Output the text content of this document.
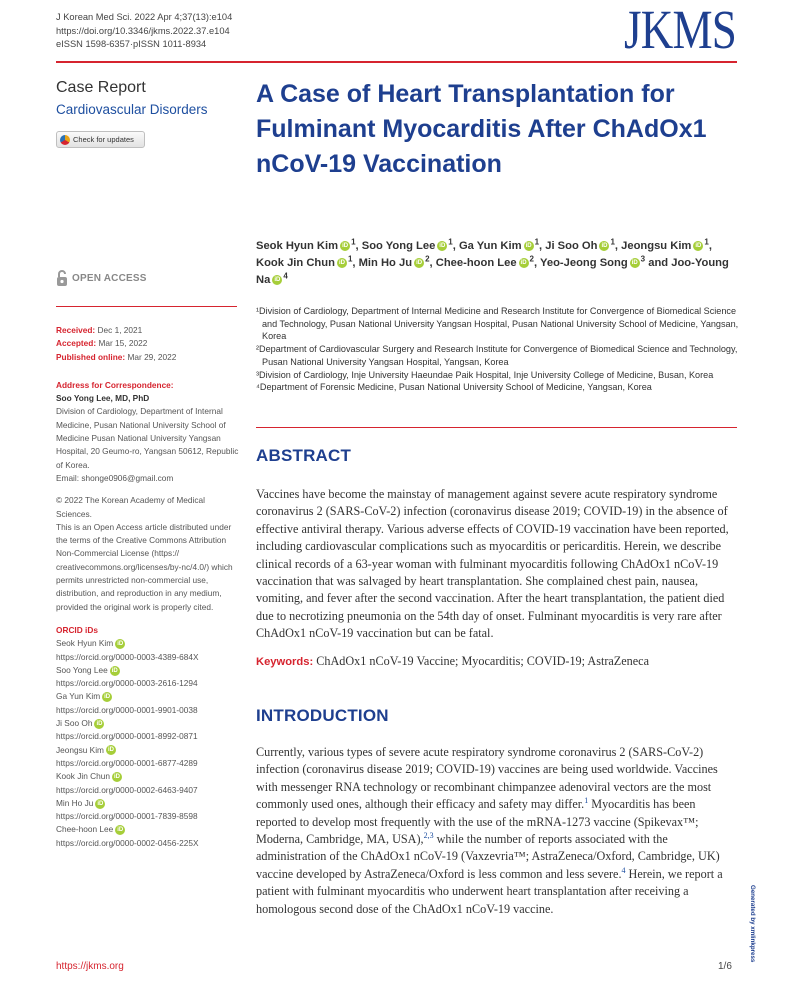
J Korean Med Sci. 2022 Apr 4;37(13):e104
https://doi.org/10.3346/jkms.2022.37.e104
eISSN 1598-6357·pISSN 1011-8934	JKMS
Case Report
Cardiovascular Disorders
Check for updates
A Case of Heart Transplantation for Fulminant Myocarditis After ChAdOx1 nCoV-19 Vaccination
Seok Hyun Kim iD $^1$, Soo Yong Lee iD $^1$, Ga Yun Kim iD $^1$, Ji Soo Oh iD $^1$, Jeongsu Kim iD $^1$, Kook Jin Chun iD $^1$, Min Ho Ju iD $^2$, Chee-hoon Lee iD $^2$, Yeo-Jeong Song iD $^3$ and Joo-Young Na iD $^4$
OPEN ACCESS

¹Division of Cardiology, Department of Internal Medicine and Research Institute for Convergence of Biomedical Science and Technology, Pusan National University Yangsan Hospital, Pusan National University School of Medicine, Yangsan, Korea

²Department of Cardiovascular Surgery and Research Institute for Convergence of Biomedical Science and Technology, Pusan National University Yangsan Hospital, Yangsan, Korea

³Division of Cardiology, Inje University Haeundae Paik Hospital, Inje University College of Medicine, Busan, Korea

⁴Department of Forensic Medicine, Pusan National University School of Medicine, Yangsan, Korea

Received: Dec 1, 2021

Accepted: Mar 15, 2022

Published online: Mar 29, 2022

Address for Correspondence:

Soo Yong Lee, MD, PhD

Division of Cardiology, Department of Internal Medicine, Pusan National University School of Medicine Pusan National University Yangsan Hospital, 20 Geumo-ro, Yangsan 50612, Republic of Korea.

Email: shonge0906@gmail.com

© 2022 The Korean Academy of Medical Sciences.

This is an Open Access article distributed under the terms of the Creative Commons Attribution Non-Commercial License (https:// creativecommons.org/licenses/by-nc/4.0/) which permits unrestricted non-commercial use, distribution, and reproduction in any medium, provided the original work is properly cited.

ORCID iDs

Seok Hyun Kim iD

https://orcid.org/0000-0003-4389-684X

Soo Yong Lee iD

https://orcid.org/0000-0003-2616-1294

Ga Yun Kim iD

https://orcid.org/0000-0001-9901-0038

Ji Soo Oh iD

https://orcid.org/0000-0001-8992-0871

Jeongsu Kim iD

https://orcid.org/0000-0001-6877-4289

Kook Jin Chun iD

https://orcid.org/0000-0002-6463-9407

Min Ho Ju iD

https://orcid.org/0000-0001-7839-8598

Chee-hoon Lee iD

https://orcid.org/0000-0002-0456-225X

ABSTRACT
Vaccines have become the mainstay of management against severe acute respiratory syndrome coronavirus 2 (SARS-CoV-2) infection (coronavirus disease 2019; COVID-19) in the absence of effective antiviral therapy. Various adverse effects of COVID-19 vaccination have been reported, including cardiovascular complications such as myocarditis or pericarditis. Herein, we describe clinical records of a 63-year woman with fulminant myocarditis following ChAdOx1 nCoV-19 vaccination that was salvaged by heart transplantation. She complained chest pain, nausea, vomiting, and fever after the second vaccination. After the heart transplantation, the patient died due to necrotizing pneumonia on the 54th day of onset. Fulminant myocarditis is very rare after ChAdOx1 nCoV-19 vaccination but can be fatal.
Keywords: ChAdOx1 nCoV-19 Vaccine; Myocarditis; COVID-19; AstraZeneca
INTRODUCTION
Currently, various types of severe acute respiratory syndrome coronavirus 2 (SARS-CoV-2) infection (coronavirus disease 2019; COVID-19) vaccines are being used worldwide. Vaccines with messenger RNA technology or recombinant chimpanzee adenoviral vectors are the most commonly used ones, although their efficacy and safety may differ.$^1$ Myocarditis has been reported to develop most frequently with the use of the mRNA-1273 vaccine (Spikevax™; Moderna, Cambridge, MA, USA),$^{2,3}$ while the number of reports associated with the administration of the ChAdOx1 nCoV-19 (Vaxzevria™; AstraZeneca/Oxford, Cambridge, UK) vaccine developed by AstraZeneca/Oxford is less common and less severe.$^4$ Herein, we report a patient with fulminant myocarditis who underwent heart transplantation after receiving a homologous second dose of the ChAdOx1 nCoV-19 vaccine.
https://jkms.org	1/6
Generated by xmlinkpress
